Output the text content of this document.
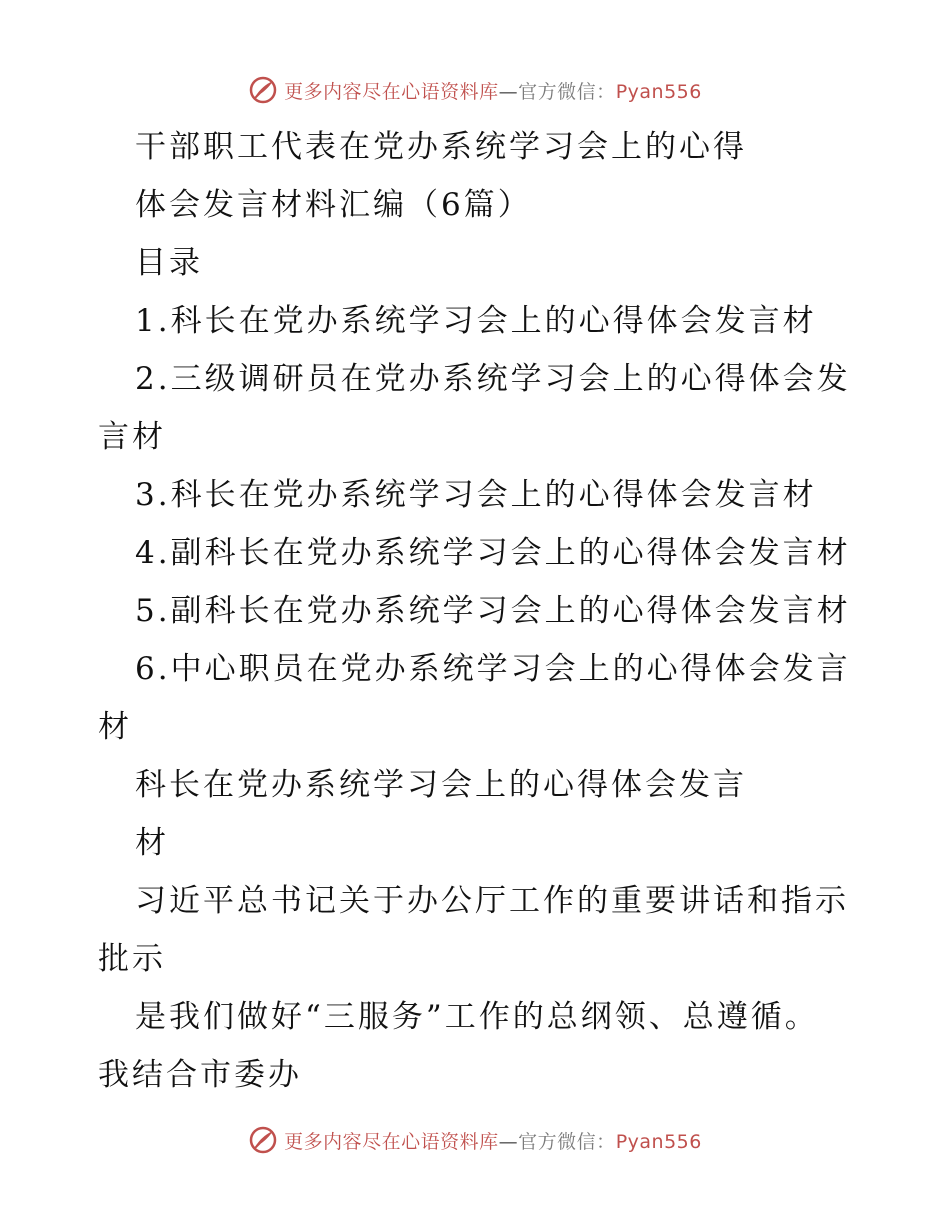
更多内容尽在心语资料库—官方微信：Pyan556
干部职工代表在党办系统学习会上的心得
体会发言材料汇编（6篇）
目录
1.科长在党办系统学习会上的心得体会发言材
2.三级调研员在党办系统学习会上的心得体会发
言材
3.科长在党办系统学习会上的心得体会发言材
4.副科长在党办系统学习会上的心得体会发言材
5.副科长在党办系统学习会上的心得体会发言材
6.中心职员在党办系统学习会上的心得体会发言
材
科长在党办系统学习会上的心得体会发言
材
习近平总书记关于办公厅工作的重要讲话和指示
批示
是我们做好“三服务”工作的总纲领、总遵循。
我结合市委办
更多内容尽在心语资料库—官方微信：Pyan556
